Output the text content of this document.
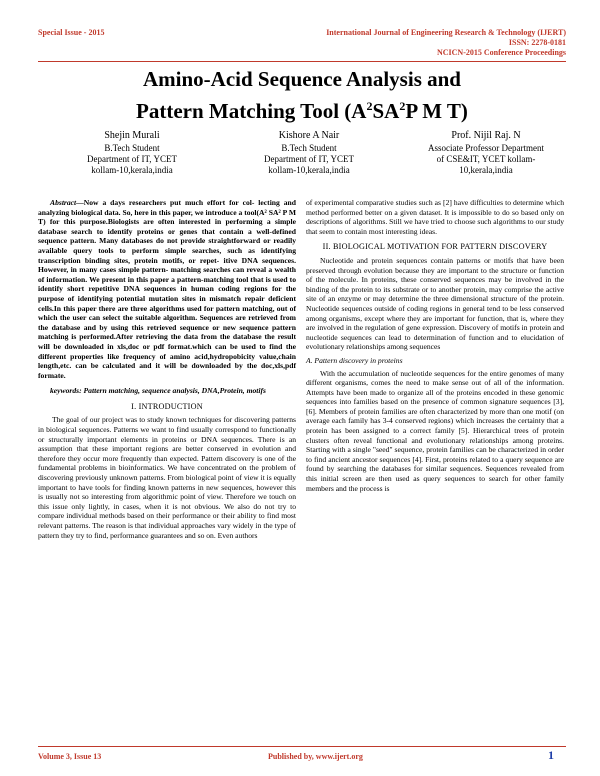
Special Issue - 2015	International Journal of Engineering Research & Technology (IJERT)
ISSN: 2278-0181
NCICN-2015 Conference Proceedings
Amino-Acid Sequence Analysis and
Pattern Matching Tool ($A^2SA^2P$ M T)
Shejin Murali
B.Tech Student
Department of IT, YCET
kollam-10,kerala,india
Kishore A Nair
B.Tech Student
Department of IT, YCET
kollam-10,kerala,india
Prof. Nijil Raj. N
Associate Professor Department
of CSE&IT, YCET kollam-
10,kerala,india

Abstract—Now a days researchers put much effort for col- lecting and analyzing biological data. So, here in this paper, we introduce a tool(A² SA² P M T) for this purpose.Biologists are often interested in performing a simple database search to identify proteins or genes that contain a well-defined sequence pattern. Many databases do not provide straightforward or readily available query tools to perform simple searches, such as identifying transcription binding sites, protein motifs, or repet- itive DNA sequences. However, in many cases simple pattern- matching searches can reveal a wealth of information. We present in this paper a pattern-matching tool that is used to identify short repetitive DNA sequences in human coding regions for the purpose of identifying potential mutation sites in mismatch repair deficient cells.In this paper there are three algorithms used for pattern matching, out of which the user can select the suitable algorithm. Sequences are retrieved from the database and by using this retrieved sequence or new sequence pattern matching is performed.After retrieving the data from the database the result will be downloaded in xls,doc or pdf format.which can be used to find the different properties like frequency of amino acid,hydropobicity value,chain length,etc. can be calculated and it will be downloaded by the doc,xls,pdf formate.

keywords: Pattern matching, sequence analysis, DNA,Protein, motifs

I. INTRODUCTION

The goal of our project was to study known techniques for discovering patterns in biological sequences. Patterns we want to find usually correspond to functionally or structurally important elements in proteins or DNA sequences. There is an assumption that these important regions are better conserved in evolution and therefore they occur more frequently than expected. Pattern discovery is one of the fundamental problems in bioinformatics. We have concentrated on the problem of discovering previously unknown patterns. From biological point of view it is equally important to have tools for finding known patterns in new sequences, however this is usually not so interesting from algorithmic point of view. Therefore we touch on this issue only lightly, in cases, when it is not obvious. We also do not try to compare individual methods based on their performance or their ability to find most relevant patterns. The reason is that individual approaches vary widely in the type of pattern they try to find, performance guarantees and so on. Even authors

of experimental comparative studies such as [2] have difficulties to determine which method performed better on a given dataset. It is impossible to do so based only on descriptions of algorithms. Still we have tried to choose such algorithms to our study that seem to contain most interesting ideas.

II. BIOLOGICAL MOTIVATION FOR PATTERN DISCOVERY

Nucleotide and protein sequences contain patterns or motifs that have been preserved through evolution because they are important to the structure or function of the molecule. In proteins, these conserved sequences may be involved in the binding of the protein to its substrate or to another protein, may comprise the active site of an enzyme or may determine the three dimensional structure of the protein. Nucleotide sequences outside of coding regions in general tend to be less conserved among organisms, except where they are important for function, that is, where they are involved in the regulation of gene expression. Discovery of motifs in protein and nucleotide sequences can lead to determination of function and to elucidation of evolutionary relationships among sequences

A. Pattern discovery in proteins

With the accumulation of nucleotide sequences for the entire genomes of many different organisms, comes the need to make sense out of all of the information. Attempts have been made to organize all of the proteins encoded in these genomic sequences into families based on the presence of common signature sequences [3], [6]. Members of protein families are often characterized by more than one motif (on average each family has 3-4 conserved regions) which increases the certainty that a protein has been assigned to a correct family [5]. Hierarchical trees of protein clusters often reveal functional and evolutionary relationships among proteins. Starting with a single "seed" sequence, protein families can be characterized in order to find ancient ancestor sequences [4]. First, proteins related to a query sequence are found by searching the databases for similar sequences. Sequences revealed from this initial screen are then used as query sequences to search for other family members and the process is

Volume 3, Issue 13	Published by, www.ijert.org	1
